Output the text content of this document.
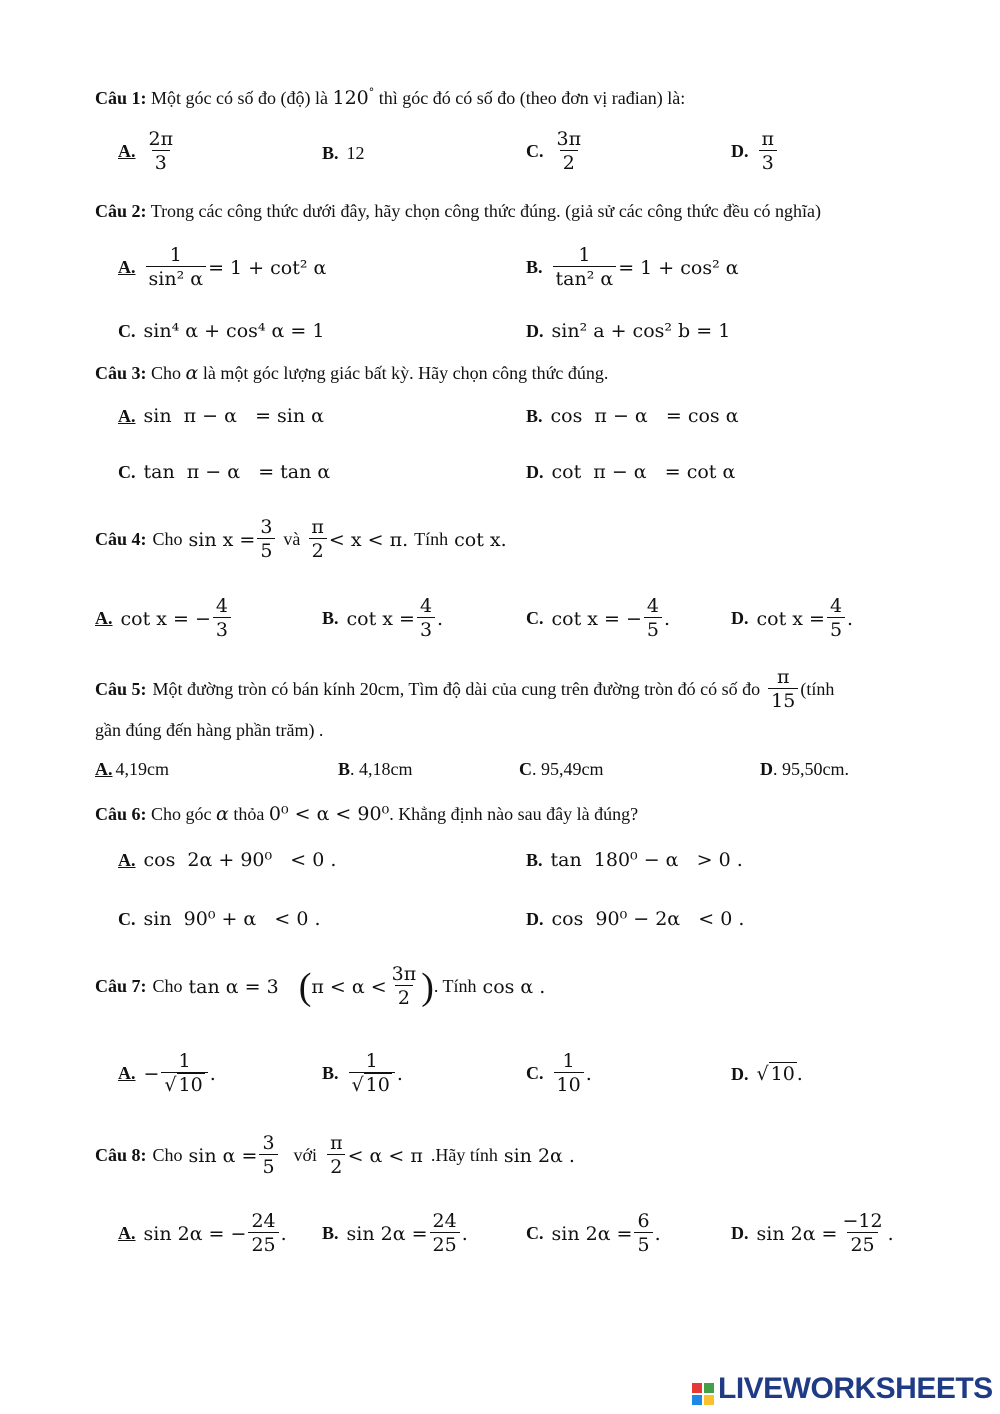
Câu 1: Một góc có số đo (độ) là 120° thì góc đó có số đo (theo đơn vị rađian) là:
A. $\frac{2\pi}{3}$	B. 12	C. $\frac{3\pi}{2}$	D. $\frac{\pi}{3}$
Câu 2: Trong các công thức dưới đây, hãy chọn công thức đúng. (giả sử các công thức đều có nghĩa)
A. $\frac{1}{\text{sin² α}} = 1 + \cot^2$ α	B. $\frac{1}{\text{tan² α}} = 1 + \cos^2$ α
C. sin⁴ α + cos⁴ α = 1	D. sin² a + cos² b = 1
Câu 3: Cho α là một góc lượng giác bất kỳ. Hãy chọn công thức đúng.
A. sin  π − α   = sin α	B. cos  π − α   = cos α
C. tan  π − α   = tan α	D. cot  π − α   = cot α
Câu 4: Cho $\sin x = \frac{3}{5}$ và $\frac{\pi}{2} < x < \pi$. Tính cot x.
A. cot x = − $\frac{4}{3}$	B. $\cot x = \frac{4}{3}$ .	C. cot x = − $\frac{4}{5}$ .	D. $\cot x = \frac{4}{5}$ .
Câu 5: Một đường tròn có bán kính 20cm, Tìm độ dài của cung trên đường tròn đó có số đo $\frac{\pi}{15}$ (tính
gần đúng đến hàng phần trăm) .
A. 4,19cm	B. 4,18cm	C. 95,49cm	D. 95,50cm.
Câu 6: Cho góc α thỏa 0⁰ < α < 90⁰. Khẳng định nào sau đây là đúng?
A. cos  2α + 90⁰   < 0 .	B. tan  180⁰ − α   > 0 .
C. sin  90⁰ + α   < 0 .	D. cos  90⁰ − 2α   < 0 .
Câu 7: Cho tan α = 3 ( $\pi < \alpha < \frac{3\pi}{2}$ ) . Tính cos α .
A. − $\frac{1}{√ 10}$ .	B. $\frac{1}{√ 10}$ .	C. $\frac{1}{10}$ .	D. √ 10 .
Câu 8: Cho $\sin \alpha = \frac{3}{5}$ với $\frac{\pi}{2} < \alpha < \pi$ .Hãy tính sin 2α .
A. sin 2α = − $\frac{24}{25}$ . B. $\sin 2\alpha = \frac{24}{25}$ .	C. $\sin 2\alpha = \frac{6}{5}$ .	D. $\sin 2\alpha = \frac{-12}{25}$ .
LIVEWORKSHEETS
